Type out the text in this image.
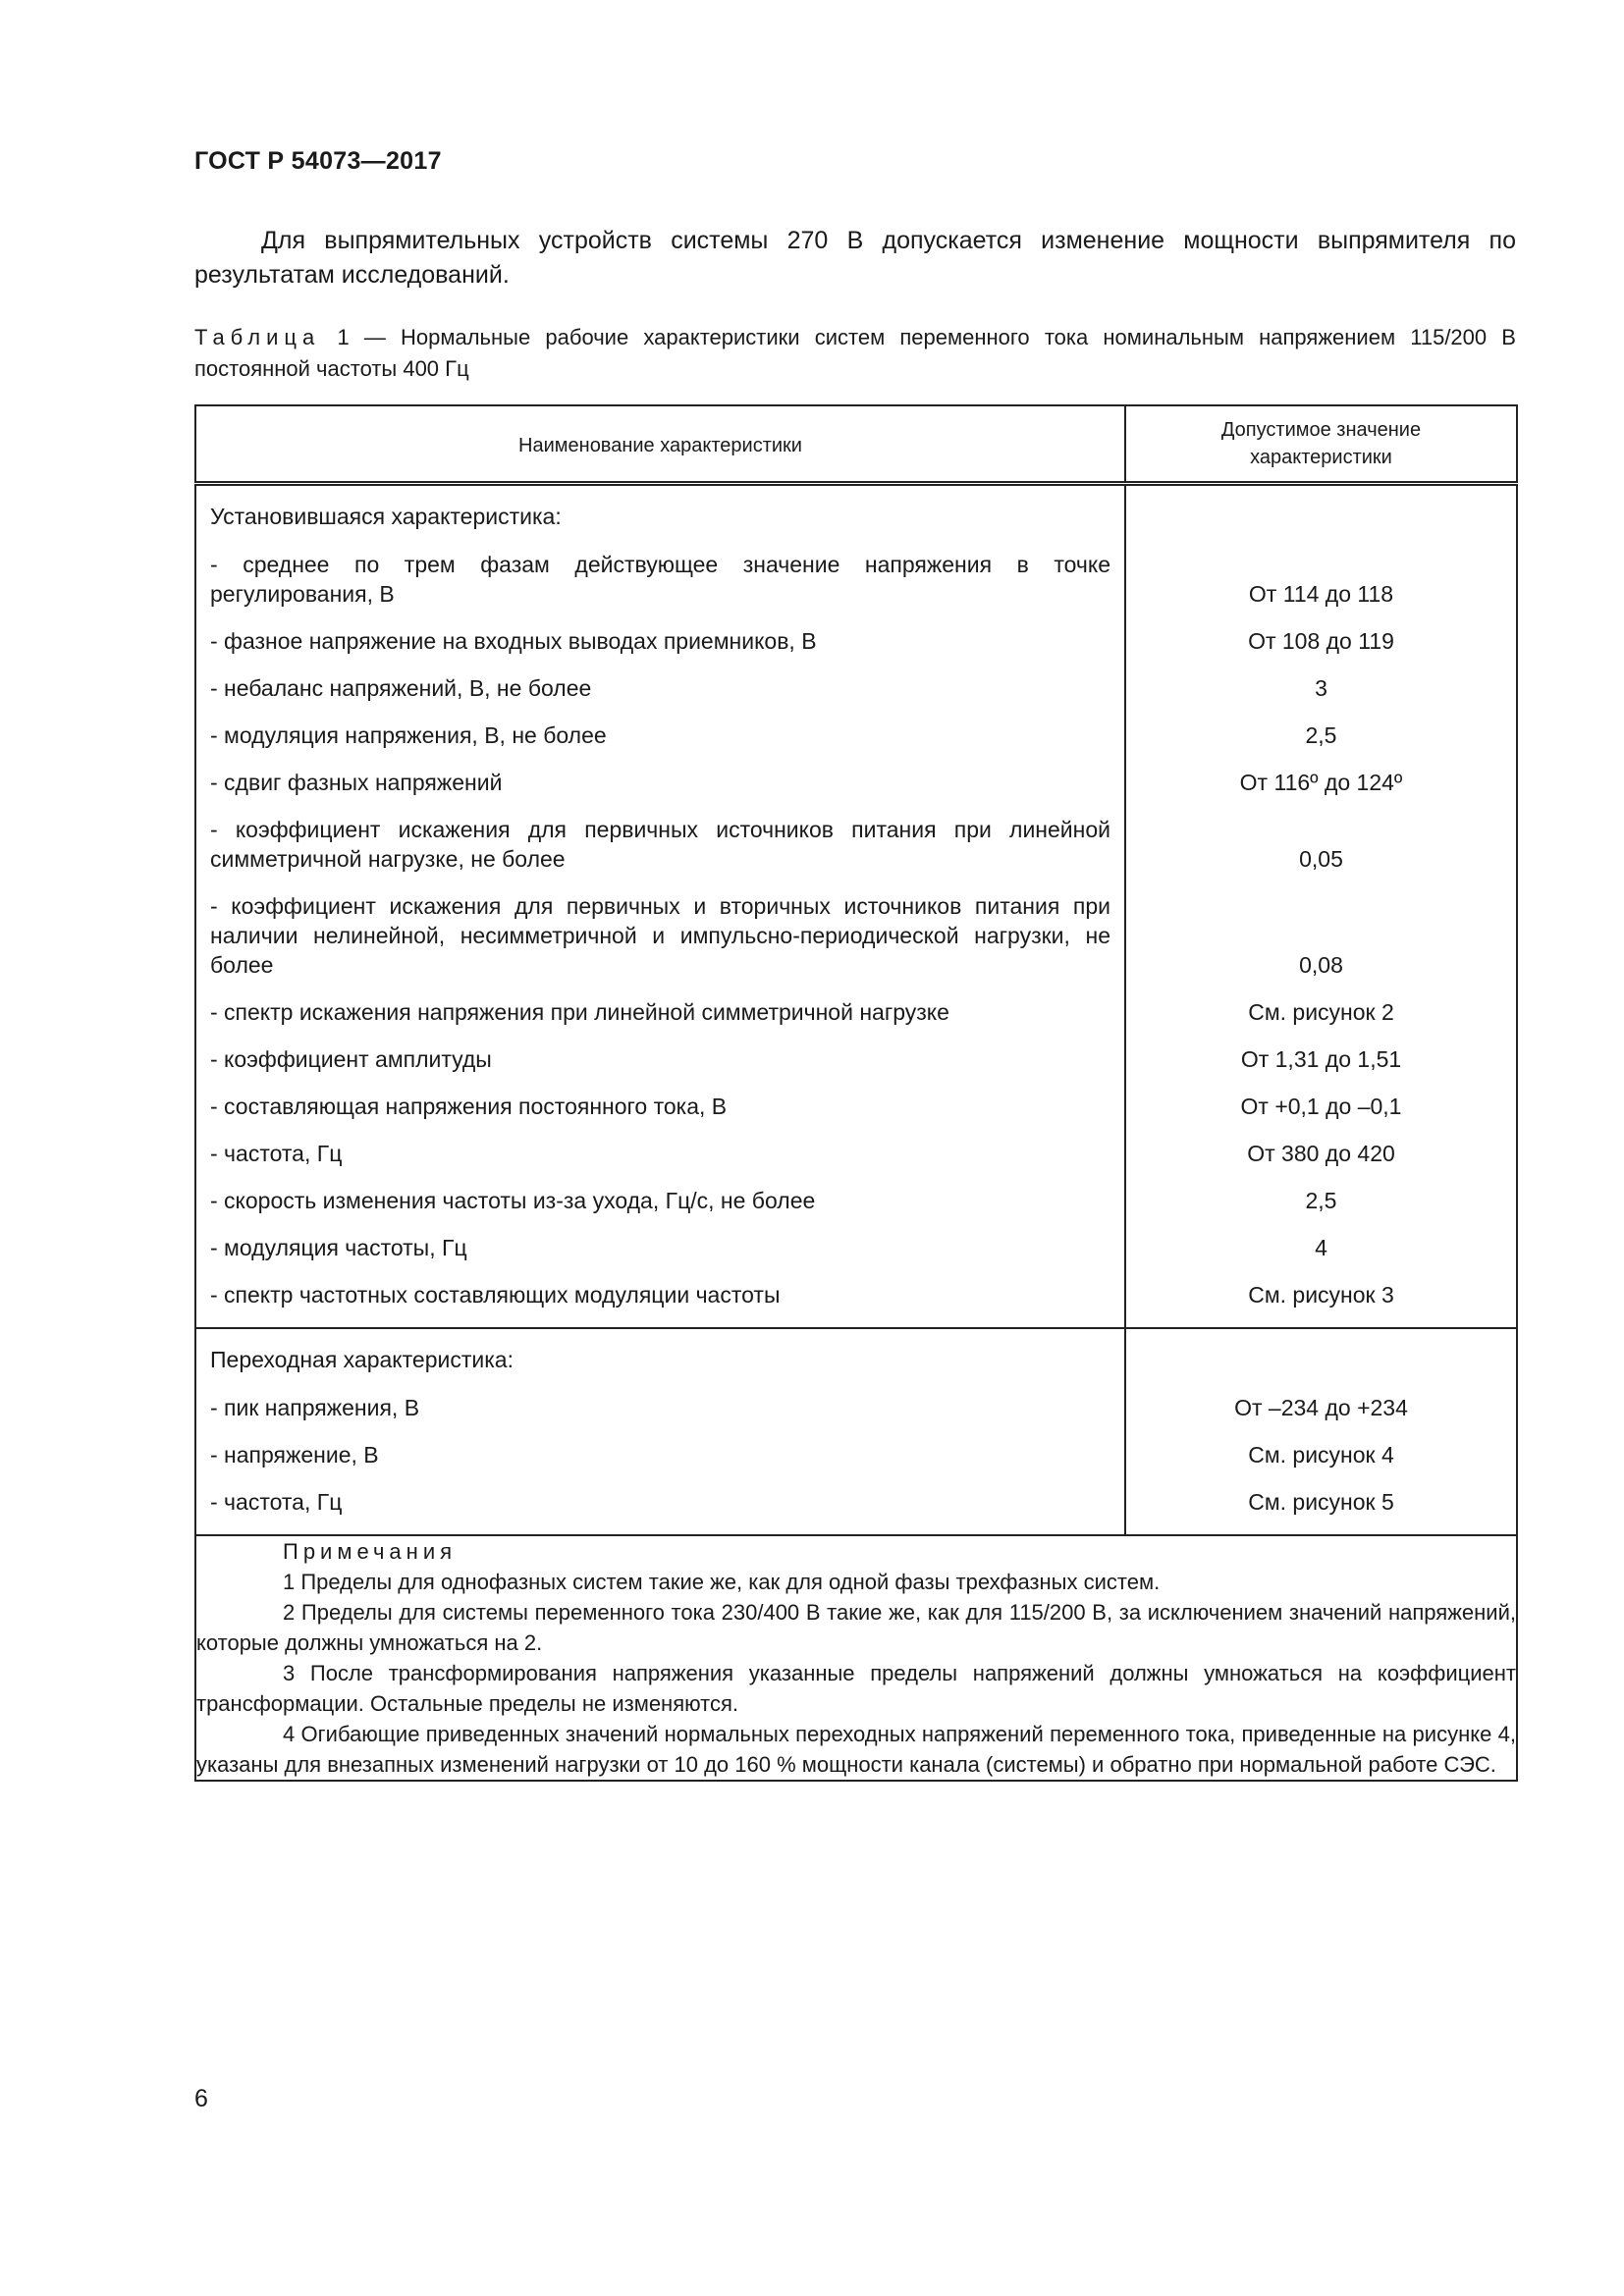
ГОСТ Р 54073—2017
Для выпрямительных устройств системы 270 В допускается изменение мощности выпрямителя по результатам исследований.
Таблица 1 — Нормальные рабочие характеристики систем переменного тока номинальным напряжением 115/200 В постоянной частоты 400 Гц
Наименование характеристики	Допустимое значение характеристики
Установившаяся характеристика:	

- среднее по трем фазам действующее значение напряжения в точке регулирования, В	От 114 до 118

- фазное напряжение на входных выводах приемников, В	От 108 до 119

- небаланс напряжений, В, не более	3

- модуляция напряжения, В, не более	2,5

- сдвиг фазных напряжений	От 116º до 124º

- коэффициент искажения для первичных источников питания при линейной симметричной нагрузке, не более	0,05

- коэффициент искажения для первичных и вторичных источников питания при наличии нелинейной, несимметричной и импульсно-периодической нагрузки, не более	0,08

- спектр искажения напряжения при линейной симметричной нагрузке	См. рисунок 2

- коэффициент амплитуды	От 1,31 до 1,51

- составляющая напряжения постоянного тока, В	От +0,1 до –0,1

- частота, Гц	От 380 до 420

- скорость изменения частоты из-за ухода, Гц/с, не более	2,5

- модуляция частоты, Гц	4

- спектр частотных составляющих модуляции частоты	См. рисунок 3
Переходная характеристика:	

- пик напряжения, В	От –234 до +234

- напряжение, В	См. рисунок 4

- частота, Гц	См. рисунок 5

Примечания

1 Пределы для однофазных систем такие же, как для одной фазы трехфазных систем.

2 Пределы для системы переменного тока 230/400 В такие же, как для 115/200 В, за исключением значений напряжений, которые должны умножаться на 2.

3 После трансформирования напряжения указанные пределы напряжений должны умножаться на коэффициент трансформации. Остальные пределы не изменяются.

4 Огибающие приведенных значений нормальных переходных напряжений переменного тока, приведенные на рисунке 4, указаны для внезапных изменений нагрузки от 10 до 160 % мощности канала (системы) и обратно при нормальной работе СЭС.	

6
